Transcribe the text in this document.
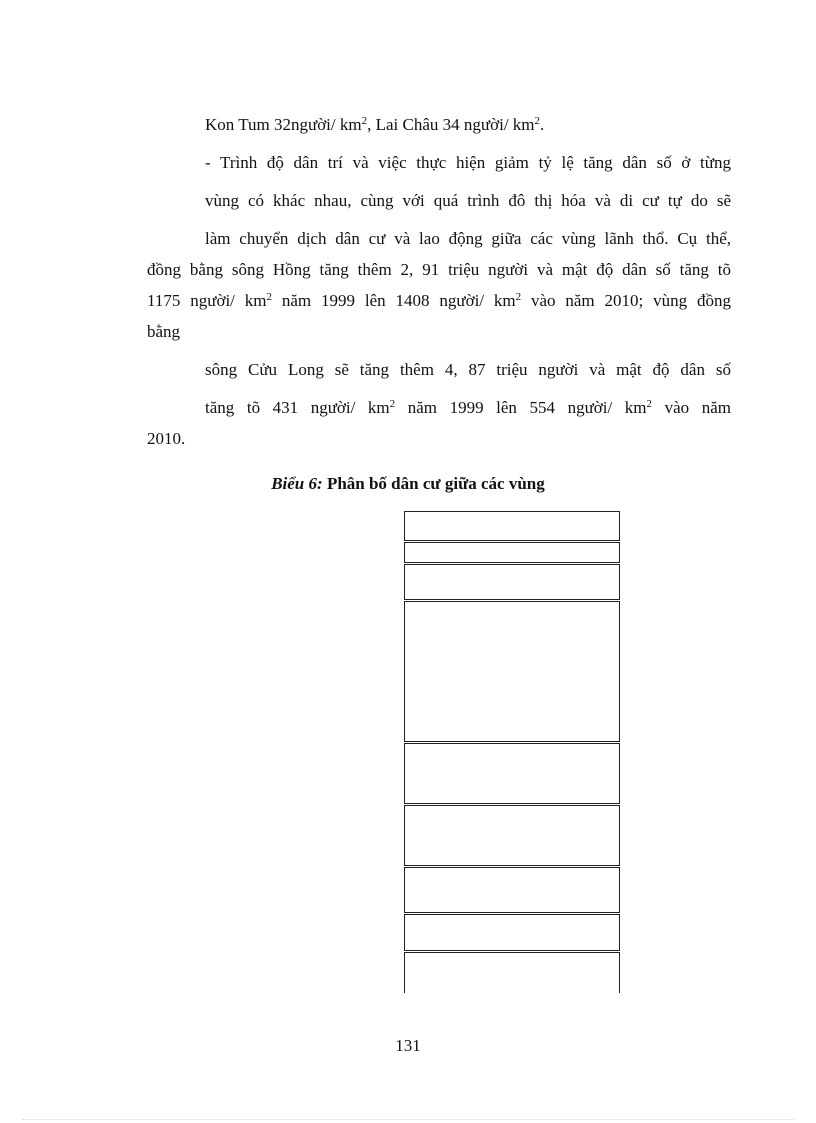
Kon Tum 32người/ $km^2$, Lai Châu 34 người/ $km^2$.
- Trình độ dân trí và việc thực hiện giảm tỷ lệ tăng dân số ở từng
vùng có khác nhau, cùng với quá trình đô thị hóa và di cư tự do sẽ
làm chuyển dịch dân cư và lao động giữa các vùng lãnh thổ. Cụ thể,
đồng bằng sông Hồng tăng thêm 2, 91 triệu người và mật độ dân số tăng tõ
1175 người/ $km^2$ năm 1999 lên 1408 người/ $km^2$ vào năm 2010; vùng đồng
bằng
sông Cửu Long sẽ tăng thêm 4, 87 triệu người và mật độ dân số
tăng tõ 431 người/ $km^2$ năm 1999 lên 554 người/ $km^2$ vào năm
2010.
Biểu 6: Phân bố dân cư giữa các vùng
131
